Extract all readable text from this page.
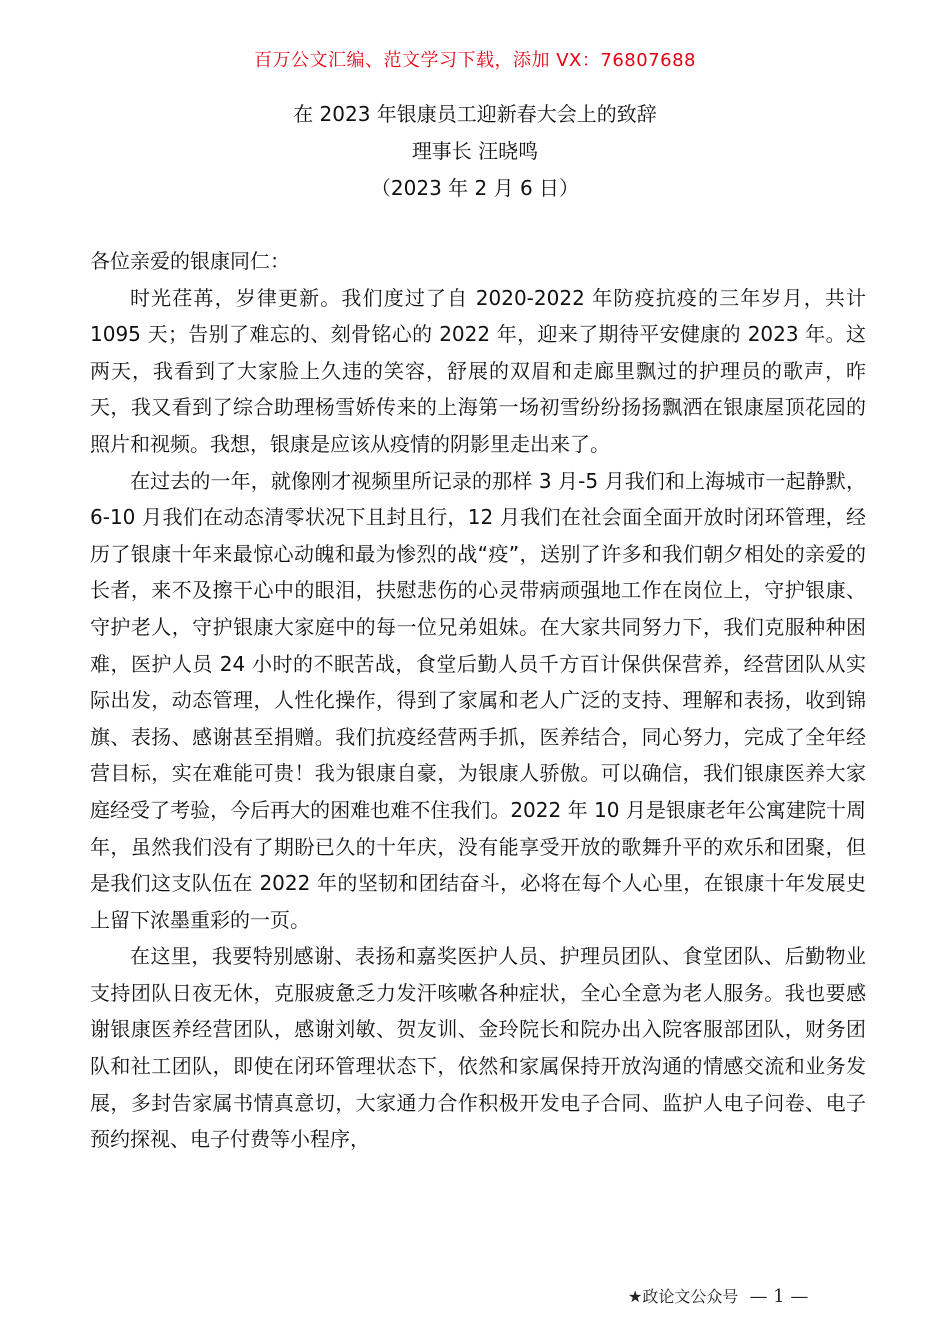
百万公文汇编、范文学习下载，添加 VX：76807688
在 2023 年银康员工迎新春大会上的致辞
理事长 汪晓鸣
（2023 年 2 月 6 日）

各位亲爱的银康同仁：

时光荏苒，岁律更新。我们度过了自 2020-2022 年防疫抗疫的三年岁月，共计 1095 天；告别了难忘的、刻骨铭心的 2022 年，迎来了期待平安健康的 2023 年。这两天，我看到了大家脸上久违的笑容，舒展的双眉和走廊里飘过的护理员的歌声，昨天，我又看到了综合助理杨雪娇传来的上海第一场初雪纷纷扬扬飘洒在银康屋顶花园的照片和视频。我想，银康是应该从疫情的阴影里走出来了。

在过去的一年，就像刚才视频里所记录的那样 3 月-5 月我们和上海城市一起静默，6-10 月我们在动态清零状况下且封且行，12 月我们在社会面全面开放时闭环管理，经历了银康十年来最惊心动魄和最为惨烈的战“疫”，送别了许多和我们朝夕相处的亲爱的长者，来不及擦干心中的眼泪，扶慰悲伤的心灵带病顽强地工作在岗位上，守护银康、守护老人，守护银康大家庭中的每一位兄弟姐妹。在大家共同努力下，我们克服种种困难，医护人员 24 小时的不眠苦战，食堂后勤人员千方百计保供保营养，经营团队从实际出发，动态管理，人性化操作，得到了家属和老人广泛的支持、理解和表扬，收到锦旗、表扬、感谢甚至捐赠。我们抗疫经营两手抓，医养结合，同心努力，完成了全年经营目标，实在难能可贵！我为银康自豪，为银康人骄傲。可以确信，我们银康医养大家庭经受了考验，今后再大的困难也难不住我们。2022 年 10 月是银康老年公寓建院十周年，虽然我们没有了期盼已久的十年庆，没有能享受开放的歌舞升平的欢乐和团聚，但是我们这支队伍在 2022 年的坚韧和团结奋斗，必将在每个人心里，在银康十年发展史上留下浓墨重彩的一页。

在这里，我要特别感谢、表扬和嘉奖医护人员、护理员团队、食堂团队、后勤物业支持团队日夜无休，克服疲惫乏力发汗咳嗽各种症状，全心全意为老人服务。我也要感谢银康医养经营团队，感谢刘敏、贺友训、金玲院长和院办出入院客服部团队，财务团队和社工团队，即使在闭环管理状态下，依然和家属保持开放沟通的情感交流和业务发展，多封告家属书情真意切，大家通力合作积极开发电子合同、监护人电子问卷、电子预约探视、电子付费等小程序，

★政论文公众号 — 1 —
